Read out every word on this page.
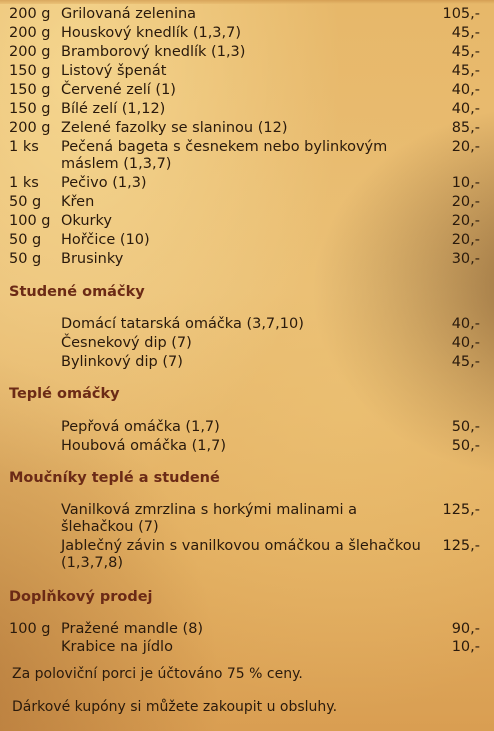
200 g Grilovaná zelenina	105,-
200 g Houskový knedlík (1,3,7)	45,-
200 g Bramborový knedlík (1,3)	45,-
150 g Listový špenát	45,-
150 g Červené zelí (1)	40,-
150 g Bílé zelí (1,12)	40,-
200 g Zelené fazolky se slaninou (12)	85,-
1 ks Pečená bageta s česnekem nebo bylinkovým	20,-
máslem (1,3,7)
1 ks Pečivo (1,3)	10,-
50 g Křen	20,-
100 g Okurky	20,-
50 g Hořčice (10)	20,-
50 g Brusinky	30,-
Studené omáčky
Domácí tatarská omáčka (3,7,10)	40,-
Česnekový dip (7)	40,-
Bylinkový dip (7)	45,-
Teplé omáčky
Pepřová omáčka (1,7)	50,-
Houbová omáčka (1,7)	50,-
Moučníky teplé a studené
Vanilková zmrzlina s horkými malinami a	125,-
šlehačkou (7)
Jablečný závin s vanilkovou omáčkou a šlehačkou 125,-
(1,3,7,8)
Doplňkový prodej
100 g Pražené mandle (8)	90,-
Krabice na jídlo	10,-
Za poloviční porci je účtováno 75 % ceny.
Dárkové kupóny si můžete zakoupit u obsluhy.
